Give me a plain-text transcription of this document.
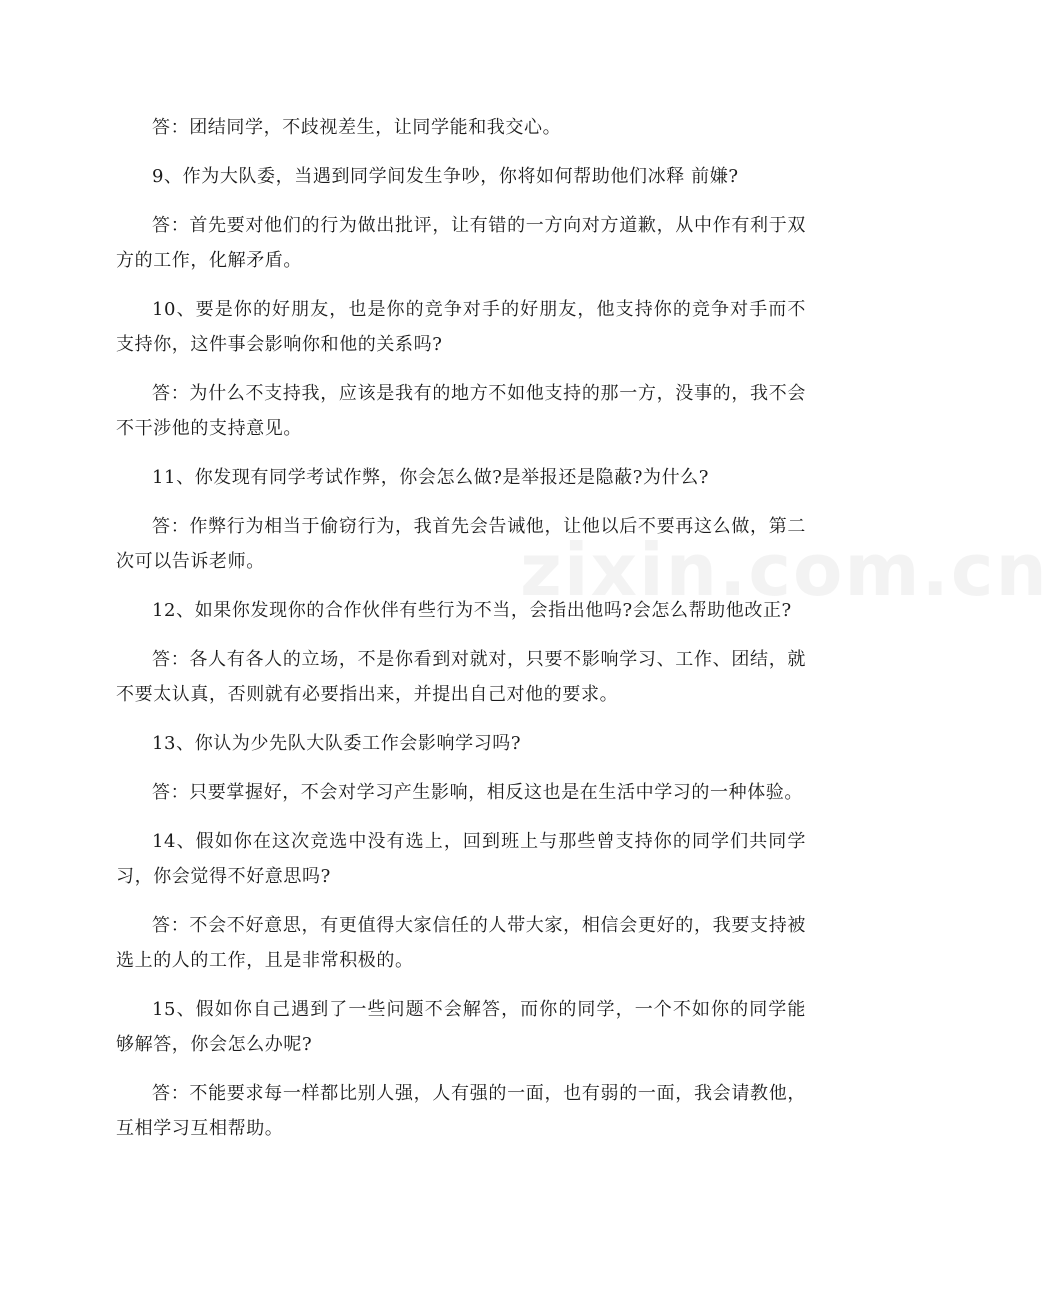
zixin.com.cn

答：团结同学，不歧视差生，让同学能和我交心。

9、作为大队委，当遇到同学间发生争吵，你将如何帮助他们冰释 前嫌?

答：首先要对他们的行为做出批评，让有错的一方向对方道歉，从中作有利于双方的工作，化解矛盾。

10、要是你的好朋友，也是你的竞争对手的好朋友，他支持你的竞争对手而不支持你，这件事会影响你和他的关系吗?

答：为什么不支持我，应该是我有的地方不如他支持的那一方，没事的，我不会不干涉他的支持意见。

11、你发现有同学考试作弊，你会怎么做?是举报还是隐蔽?为什么?

答：作弊行为相当于偷窃行为，我首先会告诫他，让他以后不要再这么做，第二次可以告诉老师。

12、如果你发现你的合作伙伴有些行为不当，会指出他吗?会怎么帮助他改正?

答：各人有各人的立场，不是你看到对就对，只要不影响学习、工作、团结，就不要太认真，否则就有必要指出来，并提出自己对他的要求。

13、你认为少先队大队委工作会影响学习吗?

答：只要掌握好，不会对学习产生影响，相反这也是在生活中学习的一种体验。

14、假如你在这次竞选中没有选上，回到班上与那些曾支持你的同学们共同学习，你会觉得不好意思吗?

答：不会不好意思，有更值得大家信任的人带大家，相信会更好的，我要支持被选上的人的工作，且是非常积极的。

15、假如你自己遇到了一些问题不会解答，而你的同学，一个不如你的同学能够解答，你会怎么办呢?

答：不能要求每一样都比别人强，人有强的一面，也有弱的一面，我会请教他，互相学习互相帮助。
